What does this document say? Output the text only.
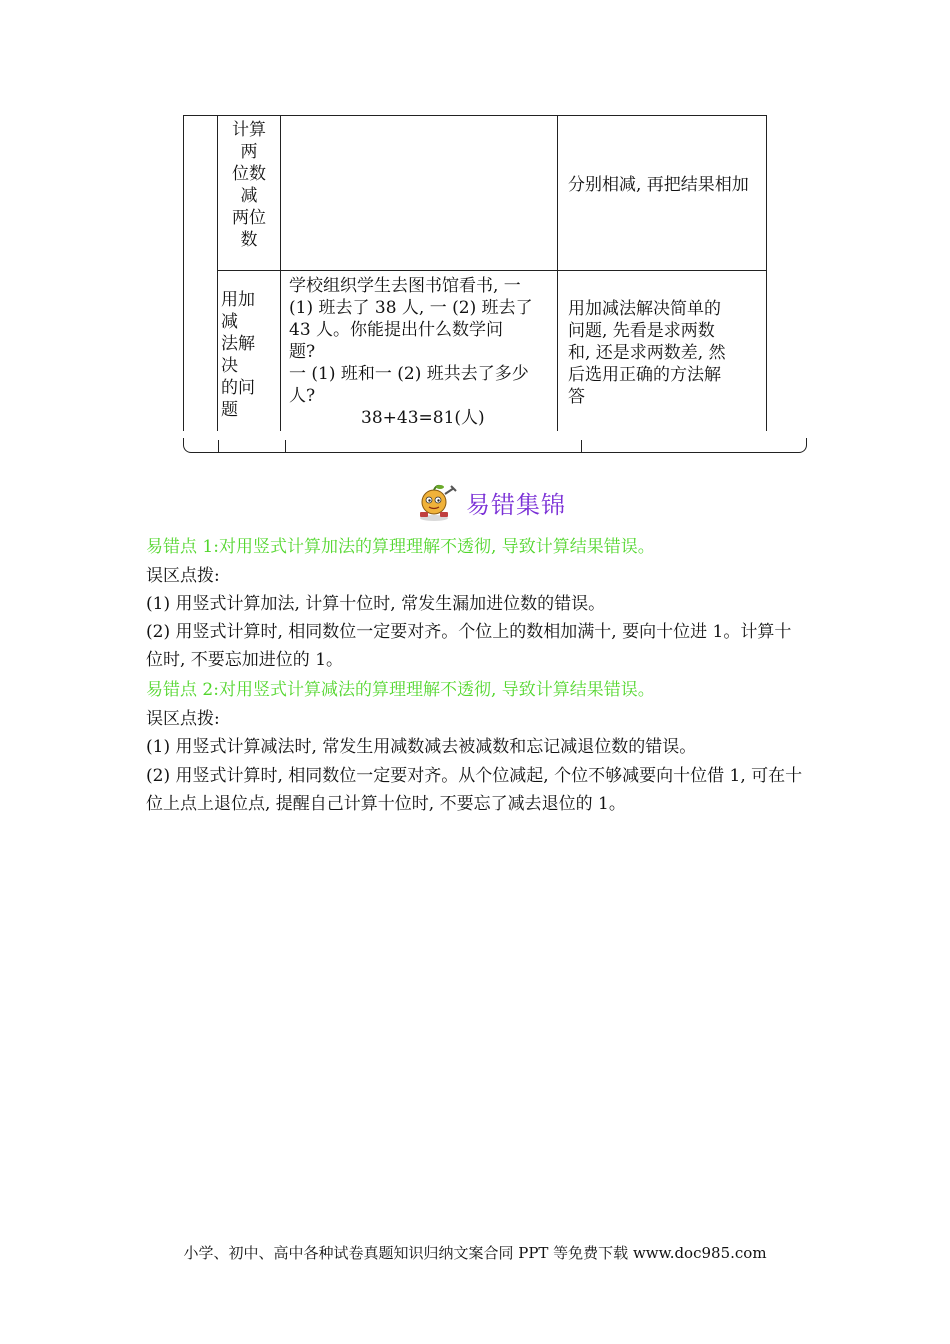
计算
两
位数
减
两位
数
分别相减, 再把结果相加
用加
减
法解
决
的问
题
学校组织学生去图书馆看书, 一
(1) 班去了 38 人, 一 (2) 班去了
43 人。你能提出什么数学问
题?
一 (1) 班和一 (2) 班共去了多少
人?
38+43=81(人)
用加减法解决简单的
问题, 先看是求两数
和, 还是求两数差, 然
后选用正确的方法解
答
易错集锦
易错点 1:对用竖式计算加法的算理理解不透彻, 导致计算结果错误。
误区点拨:
(1) 用竖式计算加法, 计算十位时, 常发生漏加进位数的错误。
(2) 用竖式计算时, 相同数位一定要对齐。个位上的数相加满十, 要向十位进 1。计算十位时, 不要忘加进位的 1。
易错点 2:对用竖式计算减法的算理理解不透彻, 导致计算结果错误。
误区点拨:
(1) 用竖式计算减法时, 常发生用减数减去被减数和忘记减退位数的错误。
(2) 用竖式计算时, 相同数位一定要对齐。从个位减起, 个位不够减要向十位借 1, 可在十位上点上退位点, 提醒自己计算十位时, 不要忘了减去退位的 1。
小学、初中、高中各种试卷真题知识归纳文案合同 PPT 等免费下载 www.doc985.com
